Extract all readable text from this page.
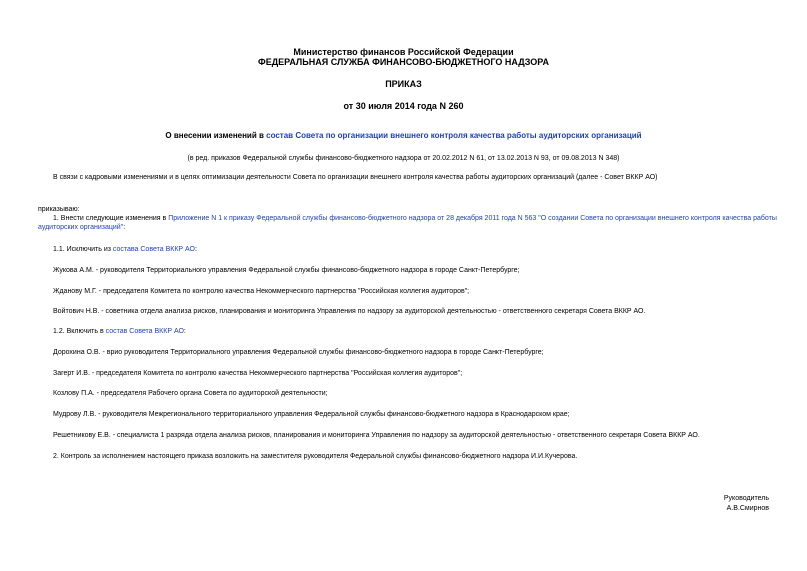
Министерство финансов Российской Федерации
ФЕДЕРАЛЬНАЯ СЛУЖБА ФИНАНСОВО-БЮДЖЕТНОГО НАДЗОРА
ПРИКАЗ
от 30 июля 2014 года N 260
О внесении изменений в состав Совета по организации внешнего контроля качества работы аудиторских организаций
(в ред. приказов Федеральной службы финансово-бюджетного надзора от 20.02.2012 N 61, от 13.02.2013 N 93, от 09.08.2013 N 348)
В связи с кадровыми изменениями и в целях оптимизации деятельности Совета по организации внешнего контроля качества работы аудиторских организаций (далее - Совет ВККР АО)
приказываю:
1. Внести следующие изменения в Приложение N 1 к приказу Федеральной службы финансово-бюджетного надзора от 28 декабря 2011 года N 563 "О создании Совета по организации внешнего контроля качества работы аудиторских организаций":
1.1. Исключить из состава Совета ВККР АО:
Жукова А.М. - руководителя Территориального управления Федеральной службы финансово-бюджетного надзора в городе Санкт-Петербурге;
Жданову М.Г. - председателя Комитета по контролю качества Некоммерческого партнерства "Российская коллегия аудиторов";
Войтович Н.В. - советника отдела анализа рисков, планирования и мониторинга Управления по надзору за аудиторской деятельностью - ответственного секретаря Совета ВККР АО.
1.2. Включить в состав Совета ВККР АО:
Дорохина О.В. - врио руководителя Территориального управления Федеральной службы финансово-бюджетного надзора в городе Санкт-Петербурге;
Загерт И.В. - председателя Комитета по контролю качества Некоммерческого партнерства "Российская коллегия аудиторов";
Козлову П.А. - председателя Рабочего органа Совета по аудиторской деятельности;
Мудрову Л.В. - руководителя Межрегионального территориального управления Федеральной службы финансово-бюджетного надзора в Краснодарском крае;
Решетникову Е.В. - специалиста 1 разряда отдела анализа рисков, планирования и мониторинга Управления по надзору за аудиторской деятельностью - ответственного секретаря Совета ВККР АО.
2. Контроль за исполнением настоящего приказа возложить на заместителя руководителя Федеральной службы финансово-бюджетного надзора И.И.Кучерова.
Руководитель
А.В.Смирнов
